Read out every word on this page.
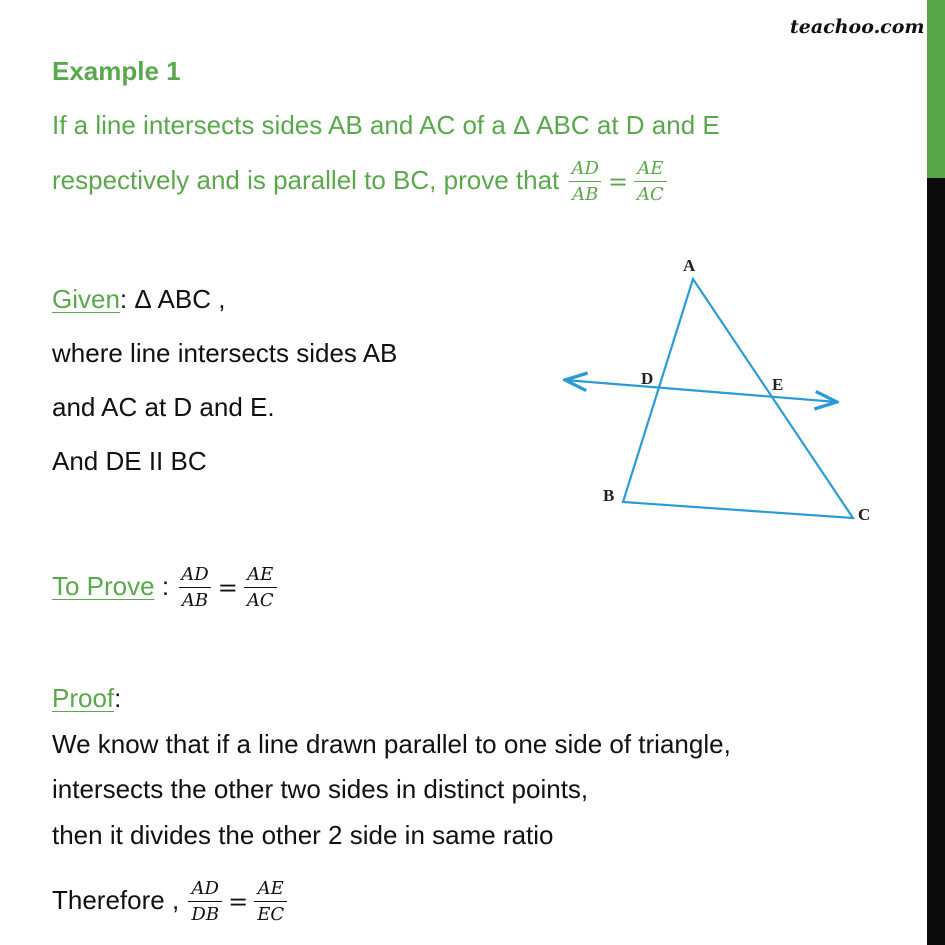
teachoo.com
Example 1
If a line intersects sides AB and AC of a Δ ABC at D and E
respectively and is parallel to BC, prove that $\frac{AD}{AB} = \frac{AE}{AC}$
Given: Δ ABC ,
where line intersects sides AB
and AC at D and E.
And DE II BC
A
D	E
B
C
To Prove : $\frac{AD}{AB} = \frac{AE}{AC}$
Proof:
We know that if a line drawn parallel to one side of triangle,
intersects the other two sides in distinct points,
then it divides the other 2 side in same ratio
Therefore , $\frac{AD}{DB} = \frac{AE}{EC}$
